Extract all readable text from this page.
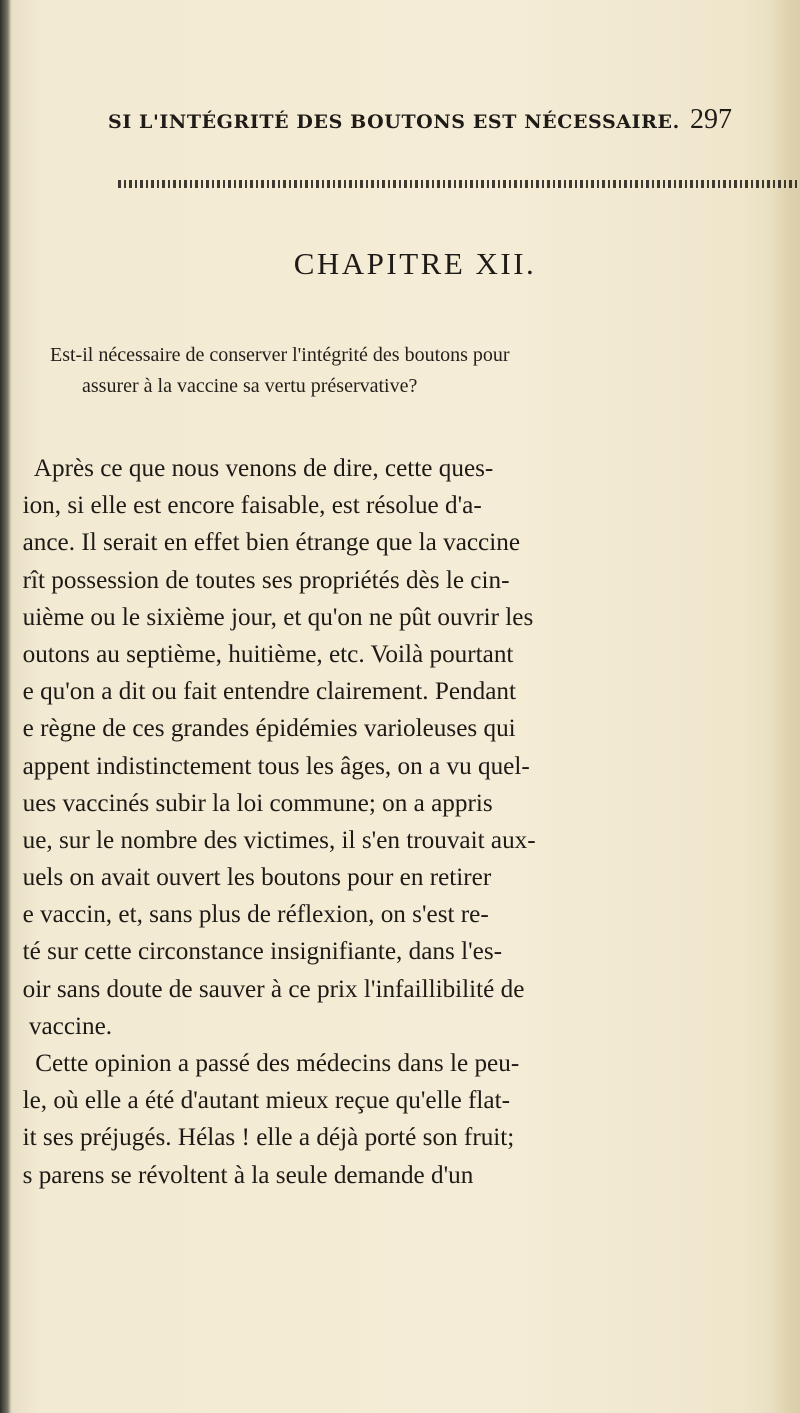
SI L'INTÉGRITÉ DES BOUTONS EST NÉCESSAIRE. 297
CHAPITRE XII.
Est-il nécessaire de conserver l'intégrité des boutons pour
assurer à la vaccine sa vertu préservative?
Après ce que nous venons de dire, cette ques-
ion, si elle est encore faisable, est résolue d'a-
ance. Il serait en effet bien étrange que la vaccine
rît possession de toutes ses propriétés dès le cin-
uième ou le sixième jour, et qu'on ne pût ouvrir les
outons au septième, huitième, etc. Voilà pourtant
e qu'on a dit ou fait entendre clairement. Pendant
e règne de ces grandes épidémies varioleuses qui
appent indistinctement tous les âges, on a vu quel-
ues vaccinés subir la loi commune; on a appris
ue, sur le nombre des victimes, il s'en trouvait aux-
uels on avait ouvert les boutons pour en retirer
e vaccin, et, sans plus de réflexion, on s'est re-
té sur cette circonstance insignifiante, dans l'es-
oir sans doute de sauver à ce prix l'infaillibilité de
vaccine.
Cette opinion a passé des médecins dans le peu-
le, où elle a été d'autant mieux reçue qu'elle flat-
it ses préjugés. Hélas ! elle a déjà porté son fruit;
s parens se révoltent à la seule demande d'un
